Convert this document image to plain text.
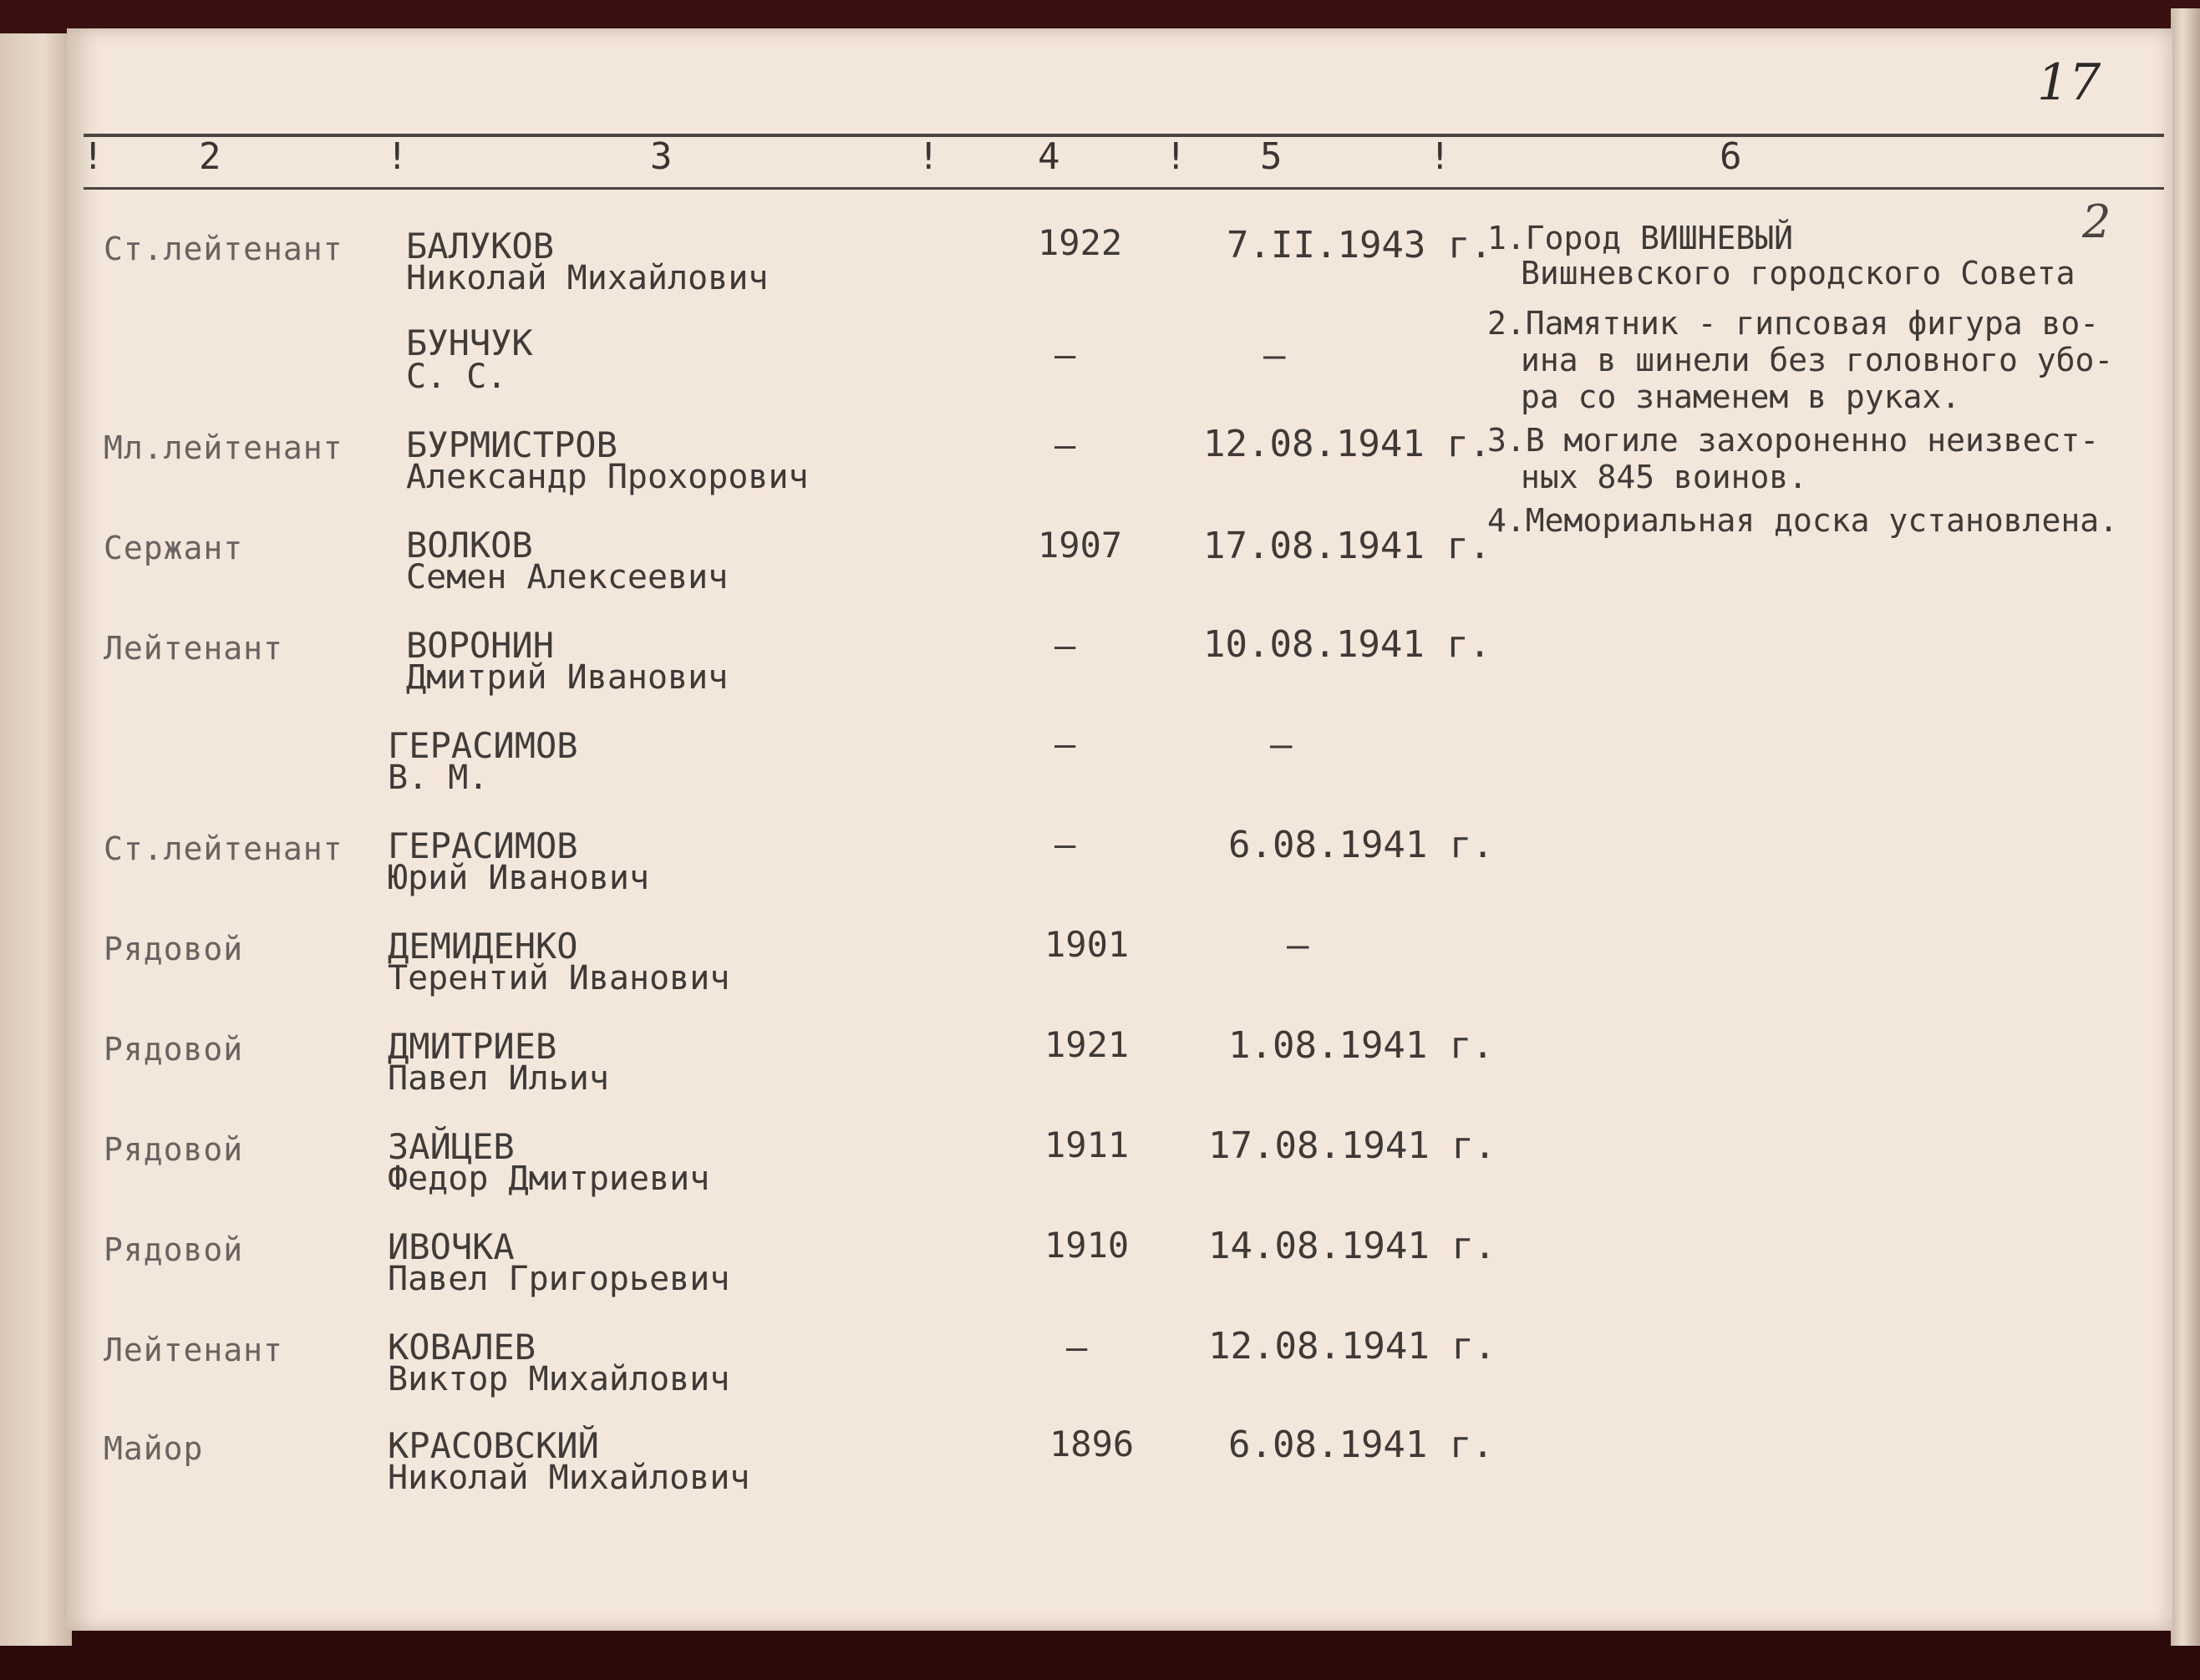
17
!	2	!	3	!	4	! 5	!	6
2
Ст.лейтенант БАЛУКОВ
Николай Михайлович
1922	7.II.1943 г.
БУНЧУК
С. С.
—	—
Мл.лейтенант БУРМИСТРОВ
Александр Прохорович
—	12.08.1941 г.
Сержант	ВОЛКОВ
Семен Алексеевич
1907 17.08.1941 г.
Лейтенант	ВОРОНИН
Дмитрий Иванович
—	10.08.1941 г.
ГЕРАСИМОВ
В. М.
—	—
Ст.лейтенант ГЕРАСИМОВ
Юрий Иванович
—	6.08.1941 г.
Рядовой	ДЕМИДЕНКО
Терентий Иванович
1901	—
Рядовой	ДМИТРИЕВ
Павел Ильич
1921	1.08.1941 г.
Рядовой	ЗАЙЦЕВ
Федор Дмитриевич
1911 17.08.1941 г.
Рядовой	ИВОЧКА
Павел Григорьевич
1910 14.08.1941 г.
Лейтенант	КОВАЛЕВ
Виктор Михайлович
—	12.08.1941 г.
Майор	КРАСОВСКИЙ
Николай Михайлович
1896	6.08.1941 г.
1.Город ВИШНЕВЫЙ
Вишневского городского Совета
2.Памятник - гипсовая фигура во-
ина в шинели без головного убо-
ра со знаменем в руках.
3.В могиле захороненно неизвест-
ных 845 воинов.
4.Мемориальная доска установлена.
